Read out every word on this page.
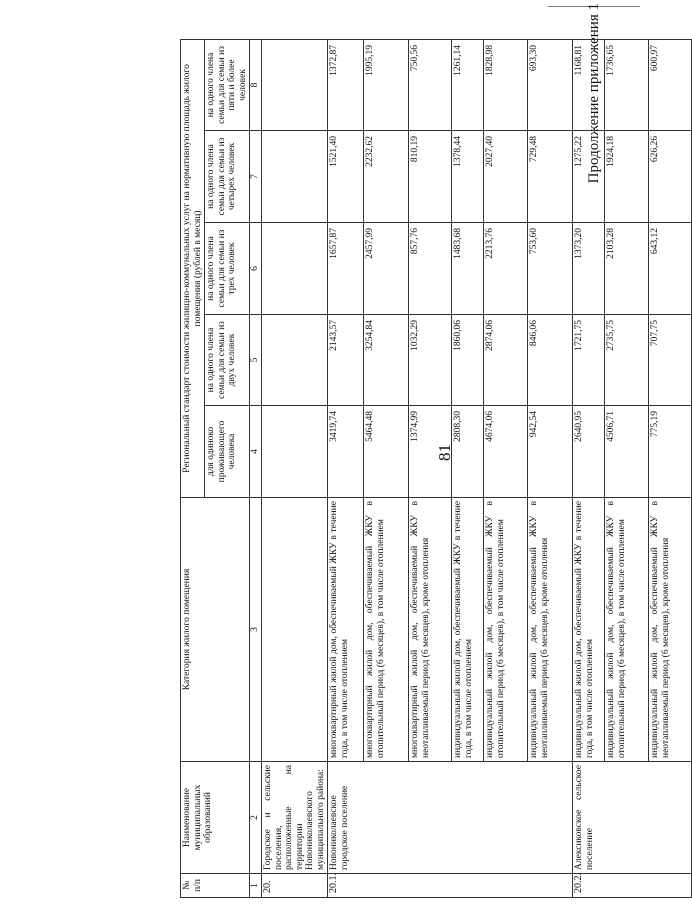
81
Продолжение приложения 1
№ п/п	Наименование муниципальных образований	Категория жилого помещения	Региональный стандарт стоимости жилищно-коммунальных услуг на нормативную площадь жилого помещения (рублей в месяц)				
			для одиноко проживающего человека	на одного члена семьи для семьи из двух человек	на одного члена семьи для семьи из трех человек	на одного члена семьи для семьи из четырех человек	на одного члена семьи для семьи из пяти и более человек
1	2	3	4	5	6	7	8
20.	Городское и сельские поселения, расположенные на территории Новониколаевского муниципального района:						
20.1.	Новониколаевское городское поселение	многоквартирный жилой дом, обеспечиваемый ЖКУ в течение года, в том числе отоплением	3419,74	2143,57	1657,87	1521,40	1372,87
		многоквартирный жилой дом, обеспечиваемый ЖКУ в отопительный период (6 месяцев), в том числе отоплением	5464,48	3254,84	2457,99	2232,62	1995,19
		многоквартирный жилой дом, обеспечиваемый ЖКУ в неотапливаемый период (6 месяцев), кроме отопления	1374,99	1032,29	857,76	810,19	750,56
		индивидуальный жилой дом, обеспечиваемый ЖКУ в течение года, в том числе отоплением	2808,30	1860,06	1483,68	1378,44	1261,14
		индивидуальный жилой дом, обеспечиваемый ЖКУ в отопительный период (6 месяцев), в том числе отоплением	4674,06	2874,06	2213,76	2027,40	1828,98
		индивидуальный жилой дом, обеспечиваемый ЖКУ в неотапливаемый период (6 месяцев), кроме отопления	942,54	846,06	753,60	729,48	693,30
20.2.	Алексиковское сельское поселение	индивидуальный жилой дом, обеспечиваемый ЖКУ в течение года, в том числе отоплением	2640,95	1721,75	1373,20	1275,22	1168,81
		индивидуальный жилой дом, обеспечиваемый ЖКУ в отопительный период (6 месяцев), в том числе отоплением	4506,71	2735,75	2103,28	1924,18	1736,65
		индивидуальный жилой дом, обеспечиваемый ЖКУ в неотапливаемый период (6 месяцев), кроме отопления	775,19	707,75	643,12	626,26	600,97
